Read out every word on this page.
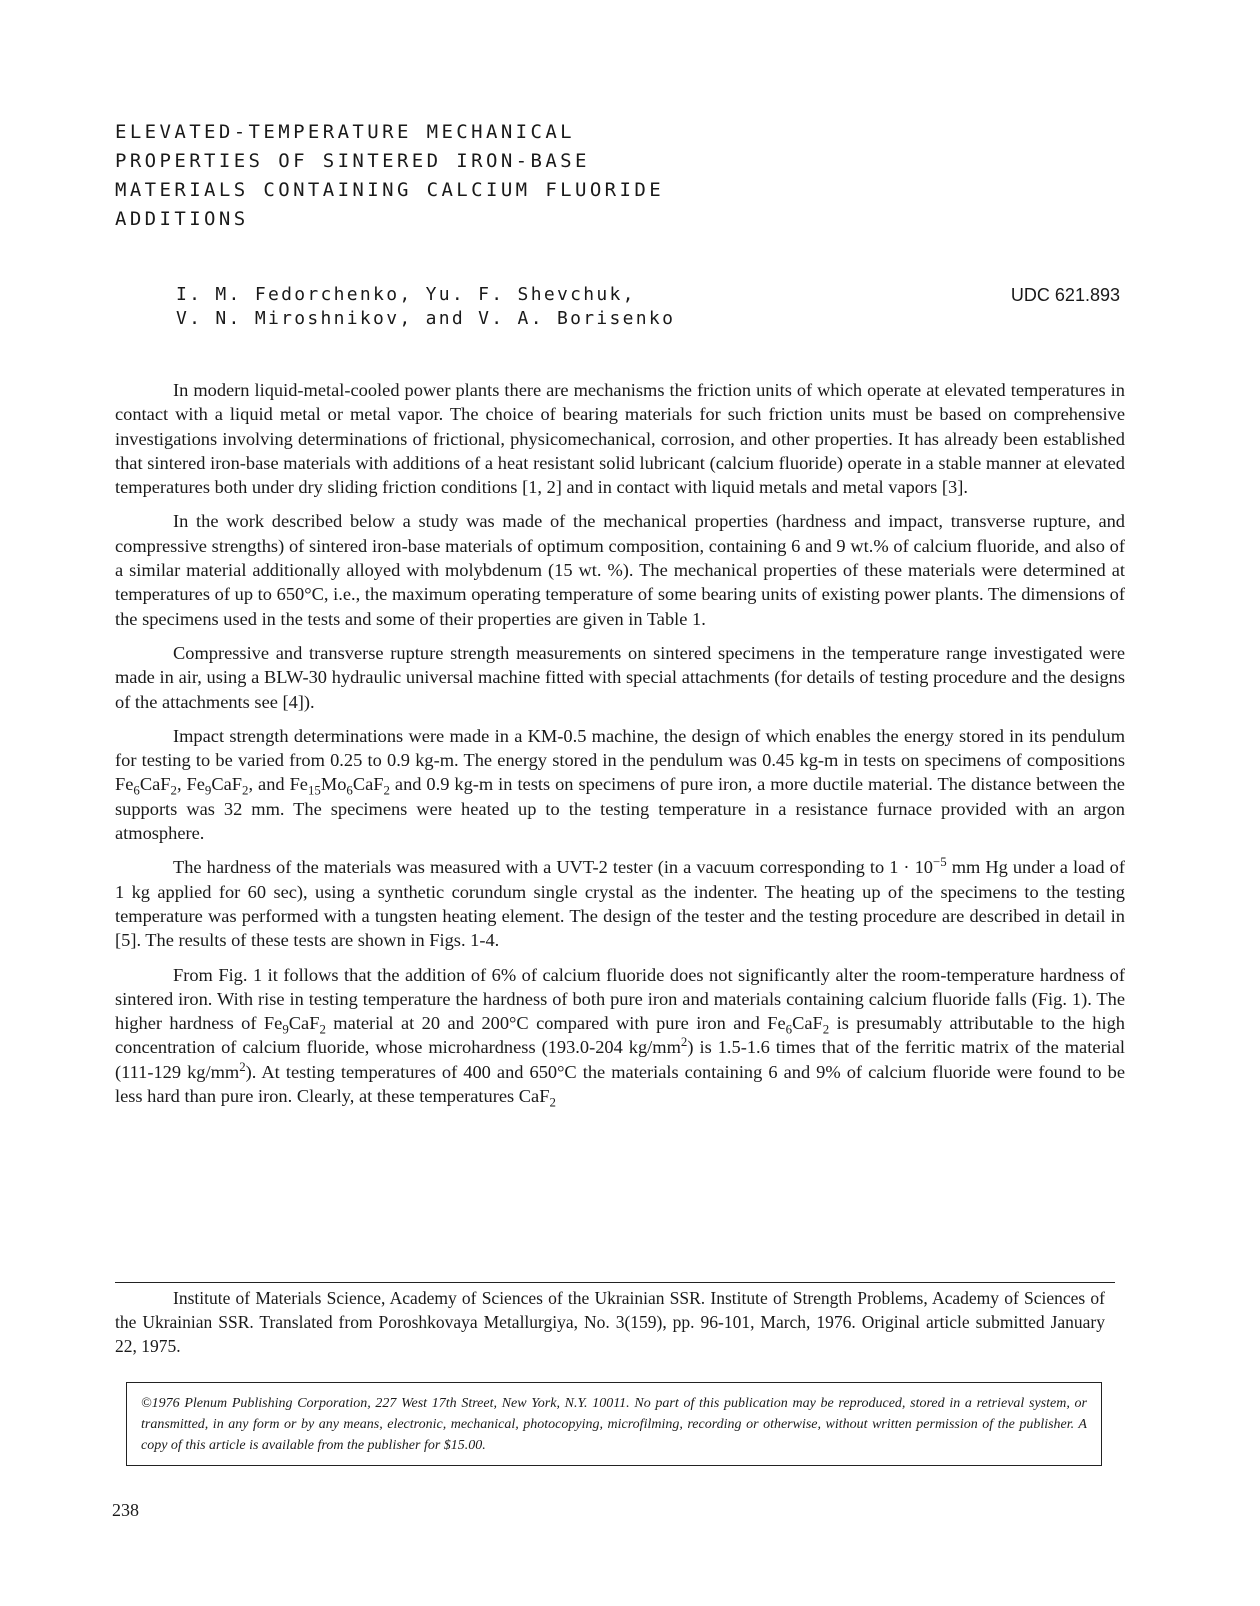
ELEVATED-TEMPERATURE MECHANICAL
PROPERTIES OF SINTERED IRON-BASE
MATERIALS CONTAINING CALCIUM FLUORIDE
ADDITIONS
I. M. Fedorchenko, Yu. F. Shevchuk,
V. N. Miroshnikov, and V. A. Borisenko
UDC 621.893

In modern liquid-metal-cooled power plants there are mechanisms the friction units of which operate at elevated temperatures in contact with a liquid metal or metal vapor. The choice of bearing materials for such friction units must be based on comprehensive investigations involving determinations of frictional, physicomechanical, corrosion, and other properties. It has already been established that sintered iron-base materials with additions of a heat resistant solid lubricant (calcium fluoride) operate in a stable manner at elevated temperatures both under dry sliding friction conditions [1, 2] and in contact with liquid metals and metal vapors [3].

In the work described below a study was made of the mechanical properties (hardness and impact, transverse rupture, and compressive strengths) of sintered iron-base materials of optimum composition, containing 6 and 9 wt.% of calcium fluoride, and also of a similar material additionally alloyed with molybdenum (15 wt. %). The mechanical properties of these materials were determined at temperatures of up to 650°C, i.e., the maximum operating temperature of some bearing units of existing power plants. The dimensions of the specimens used in the tests and some of their properties are given in Table 1.

Compressive and transverse rupture strength measurements on sintered specimens in the temperature range investigated were made in air, using a BLW-30 hydraulic universal machine fitted with special attachments (for details of testing procedure and the designs of the attachments see [4]).

Impact strength determinations were made in a KM-0.5 machine, the design of which enables the energy stored in its pendulum for testing to be varied from 0.25 to 0.9 kg-m. The energy stored in the pendulum was 0.45 kg-m in tests on specimens of compositions $Fe_6CaF_2$, $Fe_9CaF_2$, and $Fe_{15}Mo_6CaF_2$ and 0.9 kg-m in tests on specimens of pure iron, a more ductile material. The distance between the supports was 32 mm. The specimens were heated up to the testing temperature in a resistance furnace provided with an argon atmosphere.

The hardness of the materials was measured with a UVT-2 tester (in a vacuum corresponding to $1 \cdot 10^{-5}$ mm Hg under a load of 1 kg applied for 60 sec), using a synthetic corundum single crystal as the indenter. The heating up of the specimens to the testing temperature was performed with a tungsten heating element. The design of the tester and the testing procedure are described in detail in [5]. The results of these tests are shown in Figs. 1-4.

From Fig. 1 it follows that the addition of 6% of calcium fluoride does not significantly alter the room-temperature hardness of sintered iron. With rise in testing temperature the hardness of both pure iron and materials containing calcium fluoride falls (Fig. 1). The higher hardness of $Fe_9CaF_2$ material at 20 and 200°C compared with pure iron and $Fe_6CaF_2$ is presumably attributable to the high concentration of calcium fluoride, whose microhardness (193.0-204 $kg/mm^2$) is 1.5-1.6 times that of the ferritic matrix of the material (111-129 $kg/mm^2$). At testing temperatures of 400 and 650°C the materials containing 6 and 9% of calcium fluoride were found to be less hard than pure iron. Clearly, at these temperatures CaF$_2$

Institute of Materials Science, Academy of Sciences of the Ukrainian SSR. Institute of Strength Problems, Academy of Sciences of the Ukrainian SSR. Translated from Poroshkovaya Metallurgiya, No. 3(159), pp. 96-101, March, 1976. Original article submitted January 22, 1975.

©1976 Plenum Publishing Corporation, 227 West 17th Street, New York, N.Y. 10011. No part of this publication may be reproduced, stored in a retrieval system, or transmitted, in any form or by any means, electronic, mechanical, photocopying, microfilming, recording or otherwise, without written permission of the publisher. A copy of this article is available from the publisher for $15.00.
238
